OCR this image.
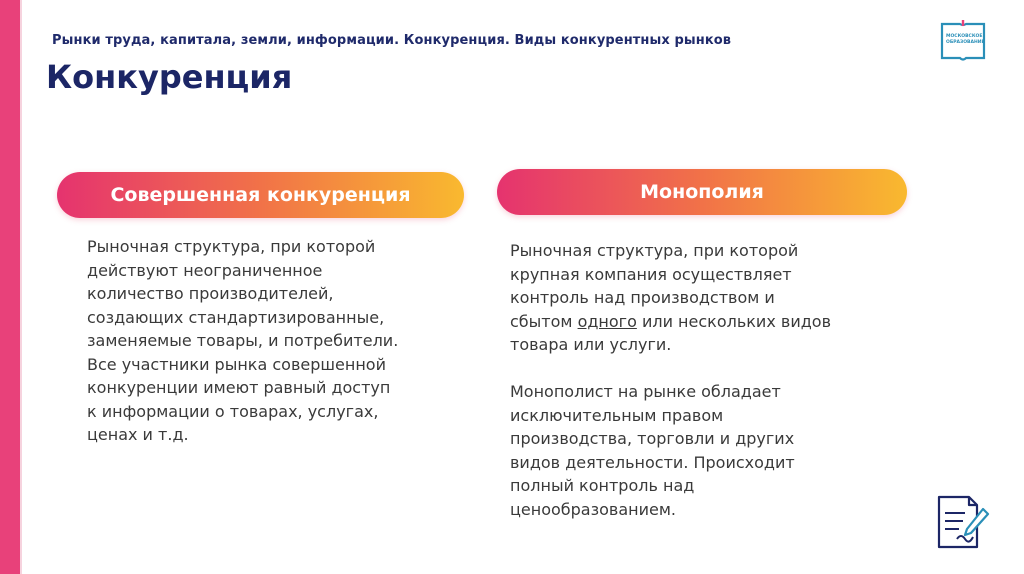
Рынки труда, капитала, земли, информации. Конкуренция. Виды конкурентных рынков
Конкуренция
МОСКОВСКОЕ ОБРАЗОВАНИЕ
Совершенная конкуренция	Монополия

Рыночная структура, при которой

действуют неограниченное

количество производителей,

создающих стандартизированные,

заменяемые товары, и потребители.

Все участники рынка совершенной

конкуренции имеют равный доступ

к информации о товарах, услугах,

ценах и т.д.

Рыночная структура, при которой

крупная компания осуществляет

контроль над производством и

сбытом одного или нескольких видов

товара или услуги.

Монополист на рынке обладает

исключительным правом

производства, торговли и других

видов деятельности. Происходит

полный контроль над

ценообразованием.
